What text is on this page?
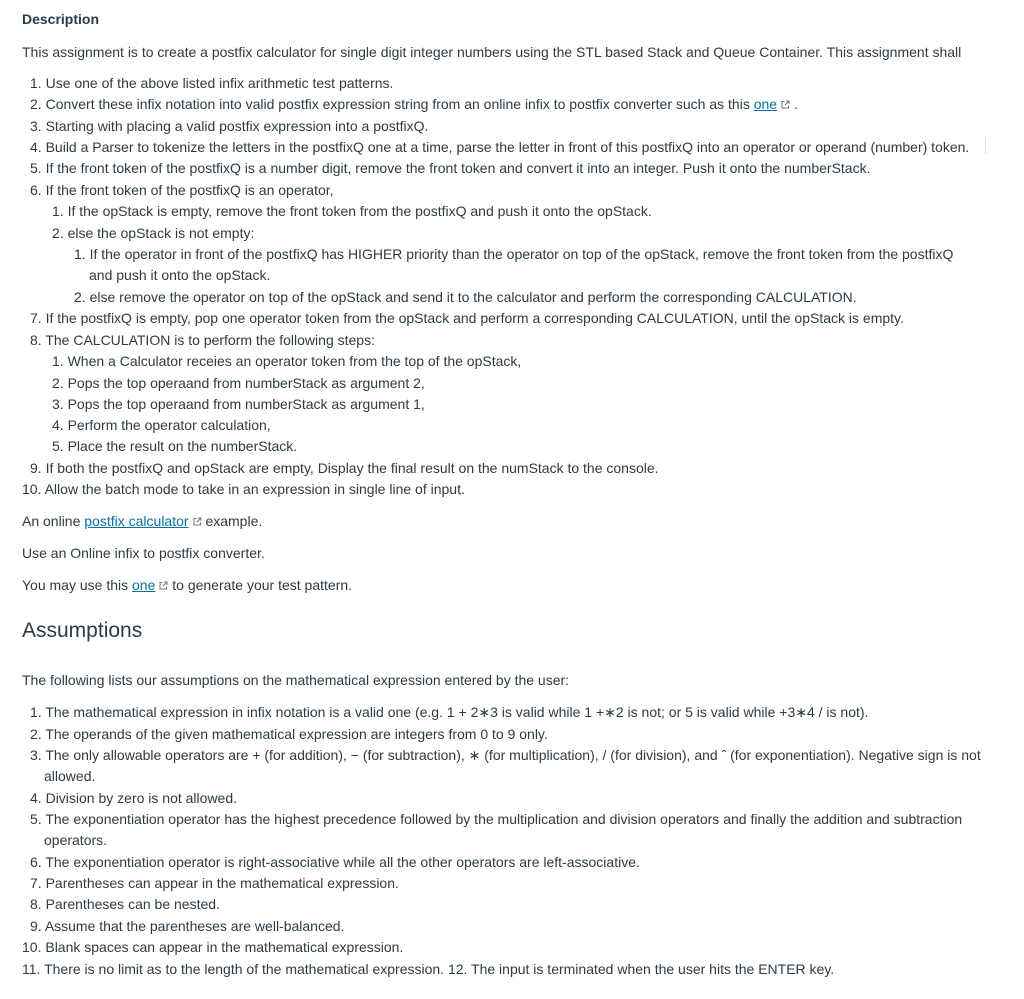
Description
This assignment is to create a postfix calculator for single digit integer numbers using the STL based Stack and Queue Container. This assignment shall
1. Use one of the above listed infix arithmetic test patterns.
2. Convert these infix notation into valid postfix expression string from an online infix to postfix converter such as this one
.
3. Starting with placing a valid postfix expression into a postfixQ.
4. Build a Parser to tokenize the letters in the postfixQ one at a time, parse the letter in front of this postfixQ into an operator or operand (number) token.
5. If the front token of the postfixQ is a number digit, remove the front token and convert it into an integer. Push it onto the numberStack.
6. If the front token of the postfixQ is an operator,
1. If the opStack is empty, remove the front token from the postfixQ and push it onto the opStack.
2. else the opStack is not empty:
1. If the operator in front of the postfixQ has HIGHER priority than the operator on top of the opStack, remove the front token from the postfixQ
and push it onto the opStack.
2. else remove the operator on top of the opStack and send it to the calculator and perform the corresponding CALCULATION.
7. If the postfixQ is empty, pop one operator token from the opStack and perform a corresponding CALCULATION, until the opStack is empty.
8. The CALCULATION is to perform the following steps:
1. When a Calculator receies an operator token from the top of the opStack,
2. Pops the top operaand from numberStack as argument 2,
3. Pops the top operaand from numberStack as argument 1,
4. Perform the operator calculation,
5. Place the result on the numberStack.
9. If both the postfixQ and opStack are empty, Display the final result on the numStack to the console.
10. Allow the batch mode to take in an expression in single line of input.

An online postfix calculator
example.

Use an Online infix to postfix converter.

You may use this one
to generate your test pattern.

Assumptions

The following lists our assumptions on the mathematical expression entered by the user:

1. The mathematical expression in infix notation is a valid one (e.g. 1 + 2∗3 is valid while 1 +∗2 is not; or 5 is valid while +3∗4 / is not).
2. The operands of the given mathematical expression are integers from 0 to 9 only.
3. The only allowable operators are + (for addition), − (for subtraction), ∗ (for multiplication), / (for division), and ˆ (for exponentiation). Negative sign is not
allowed.
4. Division by zero is not allowed.
5. The exponentiation operator has the highest precedence followed by the multiplication and division operators and finally the addition and subtraction
operators.
6. The exponentiation operator is right-associative while all the other operators are left-associative.
7. Parentheses can appear in the mathematical expression.
8. Parentheses can be nested.
9. Assume that the parentheses are well-balanced.
10. Blank spaces can appear in the mathematical expression.
11. There is no limit as to the length of the mathematical expression. 12. The input is terminated when the user hits the ENTER key.
